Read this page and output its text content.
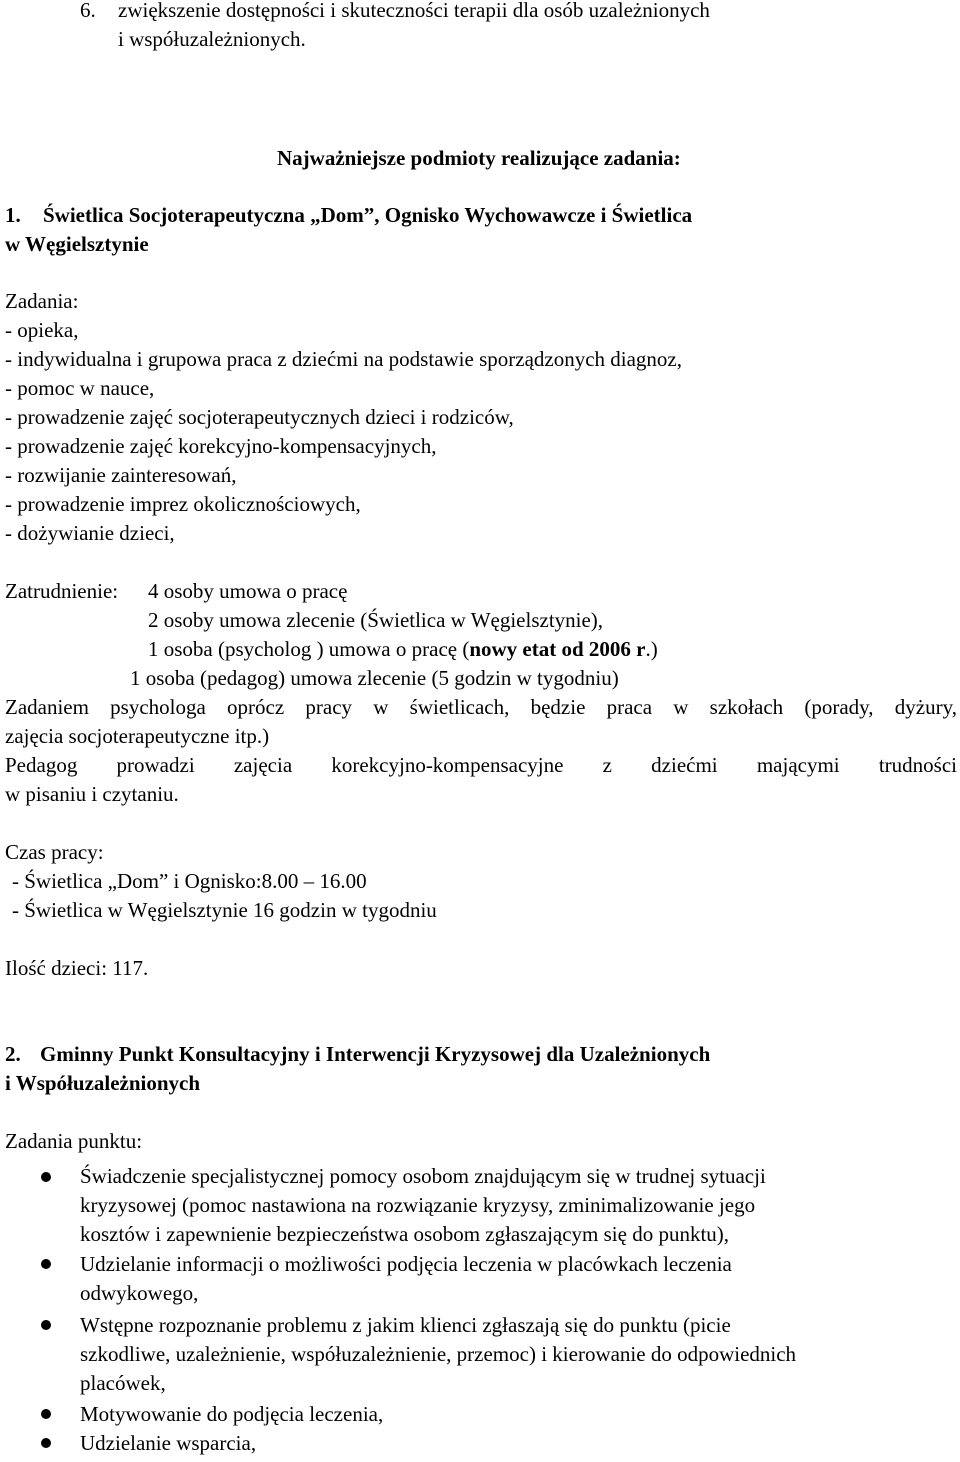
6. zwiększenie dostępności i skuteczności terapii dla osób uzależnionych
i współuzależnionych.
Najważniejsze podmioty realizujące zadania:
1. Świetlica Socjoterapeutyczna „Dom”, Ognisko Wychowawcze i Świetlica
w Węgielsztynie
Zadania:
- opieka,
- indywidualna i grupowa praca z dziećmi na podstawie sporządzonych diagnoz,
- pomoc w nauce,
- prowadzenie zajęć socjoterapeutycznych dzieci i rodziców,
- prowadzenie zajęć korekcyjno-kompensacyjnych,
- rozwijanie zainteresowań,
- prowadzenie imprez okolicznościowych,
- dożywianie dzieci,
Zatrudnienie: 4 osoby umowa o pracę
2 osoby umowa zlecenie (Świetlica w Węgielsztynie),
1 osoba (psycholog ) umowa o pracę (nowy etat od 2006 r.)
1 osoba (pedagog) umowa zlecenie (5 godzin w tygodniu)
Zadaniem psychologa oprócz pracy w świetlicach, będzie praca w szkołach (porady, dyżury,
zajęcia socjoterapeutyczne itp.)
Pedagog prowadzi zajęcia korekcyjno-kompensacyjne z dziećmi mającymi trudności
w pisaniu i czytaniu.
Czas pracy:
- Świetlica „Dom” i Ognisko:8.00 – 16.00
- Świetlica w Węgielsztynie 16 godzin w tygodniu
Ilość dzieci: 117.
2. Gminny Punkt Konsultacyjny i Interwencji Kryzysowej dla Uzależnionych
i Współuzależnionych
Zadania punktu:
Świadczenie specjalistycznej pomocy osobom znajdującym się w trudnej sytuacji
kryzysowej (pomoc nastawiona na rozwiązanie kryzysy, zminimalizowanie jego
kosztów i zapewnienie bezpieczeństwa osobom zgłaszającym się do punktu),
Udzielanie informacji o możliwości podjęcia leczenia w placówkach leczenia
odwykowego,
Wstępne rozpoznanie problemu z jakim klienci zgłaszają się do punktu (picie
szkodliwe, uzależnienie, współuzależnienie, przemoc) i kierowanie do odpowiednich
placówek,
Motywowanie do podjęcia leczenia,
Udzielanie wsparcia,
